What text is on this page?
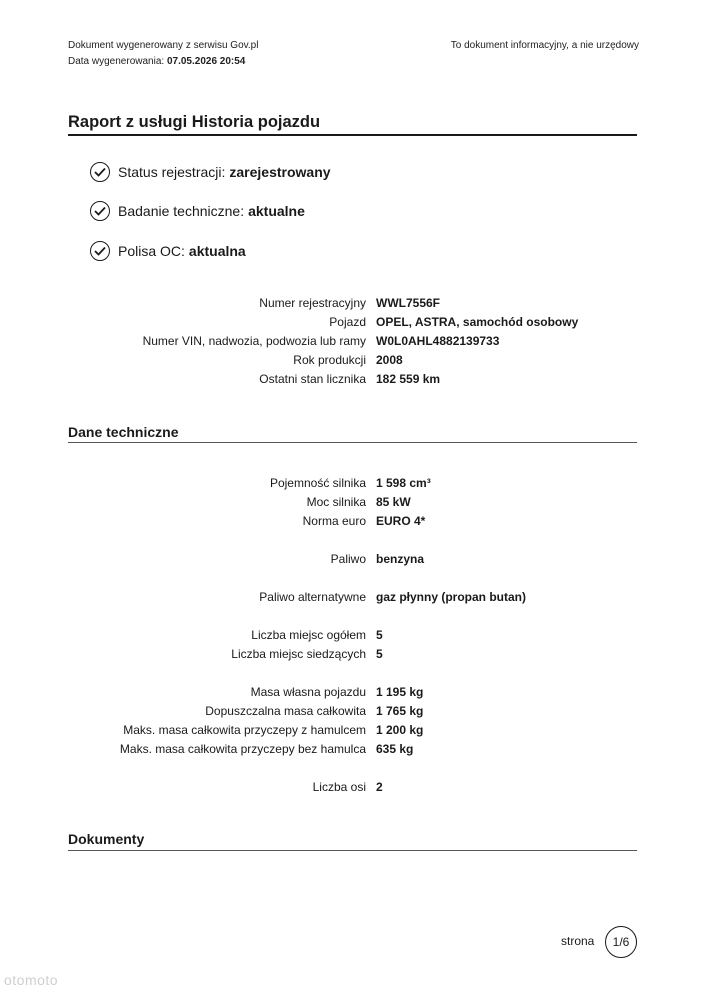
Dokument wygenerowany z serwisu Gov.pl
Data wygenerowania: 07.05.2026 20:54
To dokument informacyjny, a nie urzędowy
Raport z usługi Historia pojazdu
Status rejestracji: zarejestrowany
Badanie techniczne: aktualne
Polisa OC: aktualna
Numer rejestracyjny WWL7556F
Pojazd OPEL, ASTRA, samochód osobowy
Numer VIN, nadwozia, podwozia lub ramy W0L0AHL4882139733
Rok produkcji 2008
Ostatni stan licznika 182 559 km
Dane techniczne
Pojemność silnika 1 598 cm³
Moc silnika 85 kW
Norma euro EURO 4*
Paliwo benzyna
Paliwo alternatywne gaz płynny (propan butan)
Liczba miejsc ogółem 5
Liczba miejsc siedzących 5
Masa własna pojazdu 1 195 kg
Dopuszczalna masa całkowita 1 765 kg
Maks. masa całkowita przyczepy z hamulcem 1 200 kg
Maks. masa całkowita przyczepy bez hamulca 635 kg
Liczba osi 2
Dokumenty
strona 1/6
otomoto
